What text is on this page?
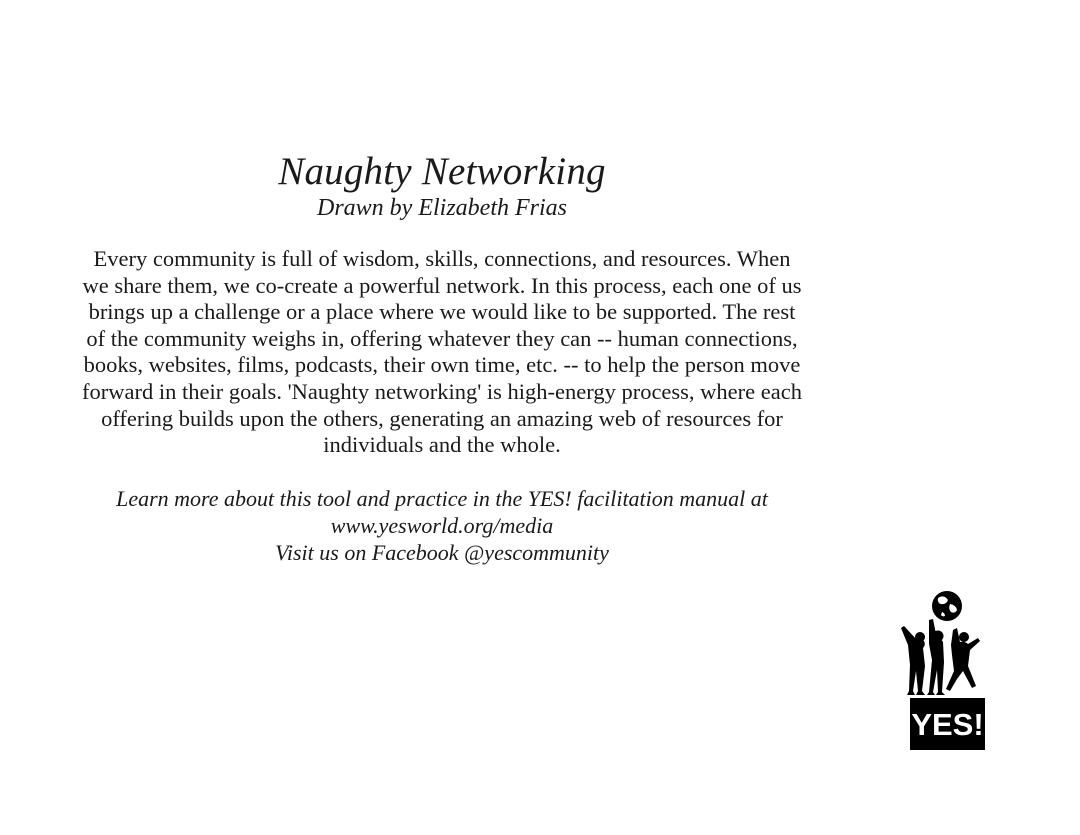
Naughty Networking
Drawn by Elizabeth Frias

Every community is full of wisdom, skills, connections, and resources. When we share them, we co-create a powerful network. In this process, each one of us brings up a challenge or a place where we would like to be supported. The rest of the community weighs in, offering whatever they can -- human connections, books, websites, films, podcasts, their own time, etc. -- to help the person move forward in their goals. 'Naughty networking' is high-energy process, where each offering builds upon the others, generating an amazing web of resources for individuals and the whole.

Learn more about this tool and practice in the YES! facilitation manual at

www.yesworld.org/media

Visit us on Facebook @yescommunity

YES!
